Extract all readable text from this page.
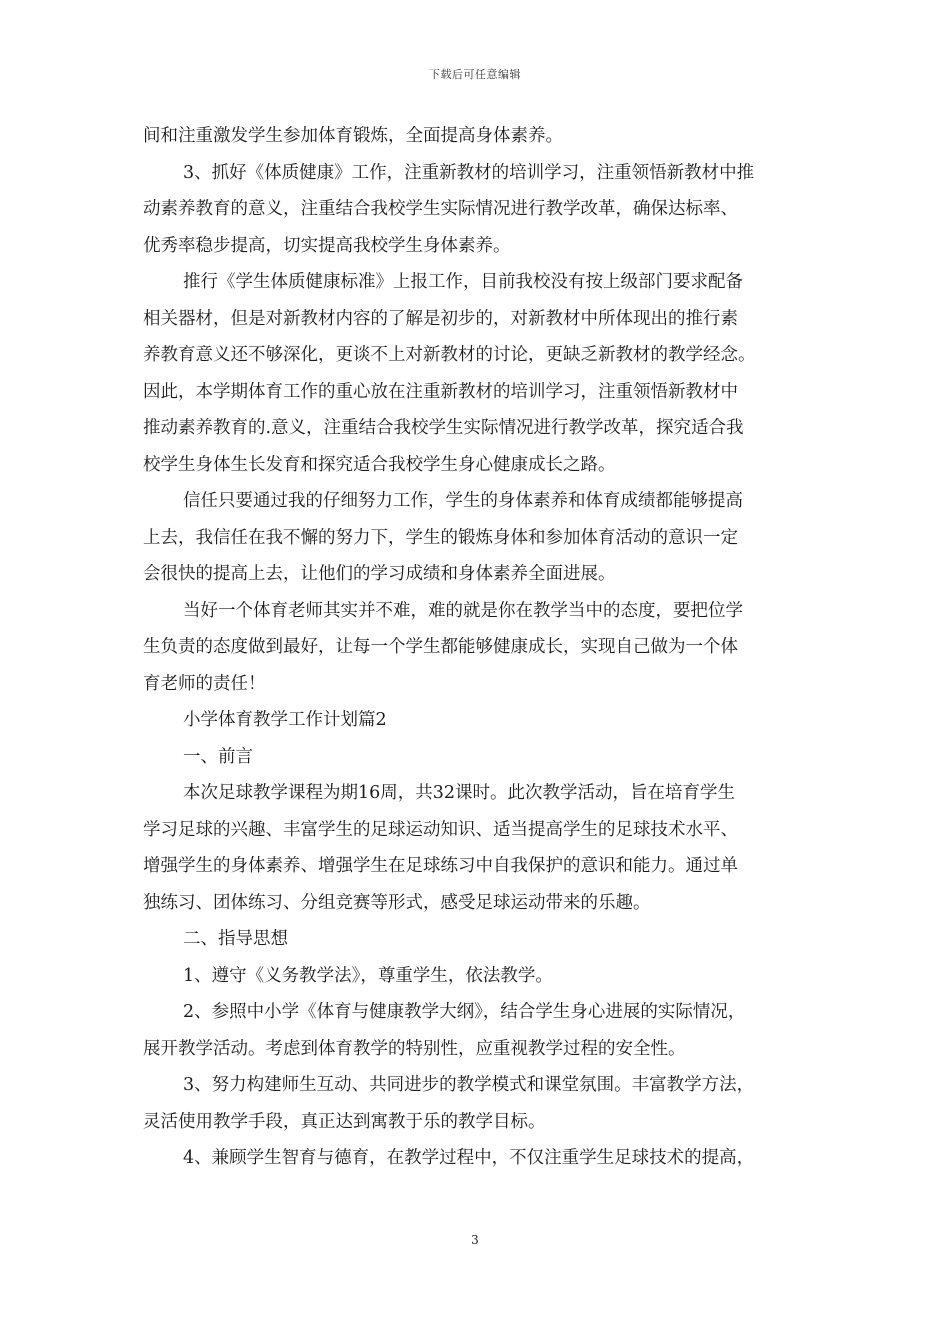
下载后可任意编辑
间和注重激发学生参加体育锻炼，全面提高身体素养。
3、抓好《体质健康》工作，注重新教材的培训学习，注重领悟新教材中推
动素养教育的意义，注重结合我校学生实际情况进行教学改革，确保达标率、
优秀率稳步提高，切实提高我校学生身体素养。
推行《学生体质健康标准》上报工作，目前我校没有按上级部门要求配备
相关器材，但是对新教材内容的了解是初步的，对新教材中所体现出的推行素
养教育意义还不够深化，更谈不上对新教材的讨论，更缺乏新教材的教学经念。
因此，本学期体育工作的重心放在注重新教材的培训学习，注重领悟新教材中
推动素养教育的.意义，注重结合我校学生实际情况进行教学改革，探究适合我
校学生身体生长发育和探究适合我校学生身心健康成长之路。
信任只要通过我的仔细努力工作，学生的身体素养和体育成绩都能够提高
上去，我信任在我不懈的努力下，学生的锻炼身体和参加体育活动的意识一定
会很快的提高上去，让他们的学习成绩和身体素养全面进展。
当好一个体育老师其实并不难，难的就是你在教学当中的态度，要把位学
生负责的态度做到最好，让每一个学生都能够健康成长，实现自己做为一个体
育老师的责任！
小学体育教学工作计划篇2
一、前言
本次足球教学课程为期16周，共32课时。此次教学活动，旨在培育学生
学习足球的兴趣、丰富学生的足球运动知识、适当提高学生的足球技术水平、
增强学生的身体素养、增强学生在足球练习中自我保护的意识和能力。通过单
独练习、团体练习、分组竞赛等形式，感受足球运动带来的乐趣。
二、指导思想
1、遵守《义务教学法》，尊重学生，依法教学。
2、参照中小学《体育与健康教学大纲》，结合学生身心进展的实际情况，
展开教学活动。考虑到体育教学的特别性，应重视教学过程的安全性。
3、努力构建师生互动、共同进步的教学模式和课堂氛围。丰富教学方法，
灵活使用教学手段，真正达到寓教于乐的教学目标。
4、兼顾学生智育与德育，在教学过程中，不仅注重学生足球技术的提高，
3
